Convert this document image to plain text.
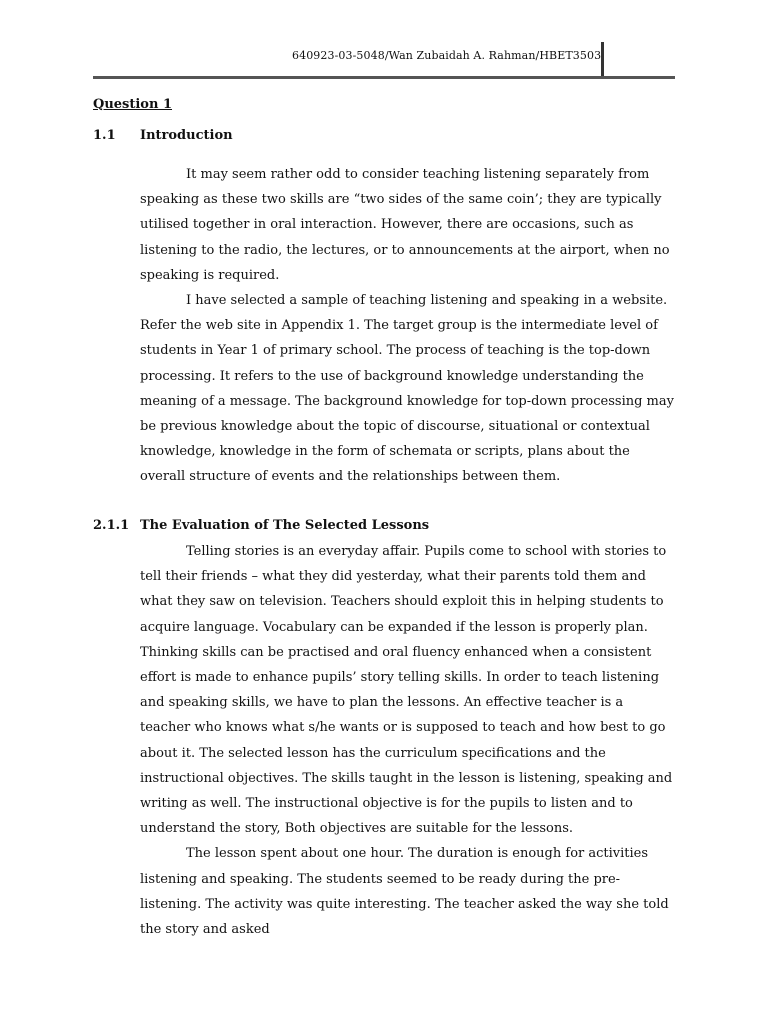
640923-03-5048/Wan Zubaidah A. Rahman/HBET3503
Question 1
1.1 Introduction

It may seem rather odd to consider teaching listening separately from speaking as these two skills are “two sides of the same coin’; they are typically utilised together in oral interaction. However, there are occasions, such as listening to the radio, the lectures, or to announcements at the airport, when no speaking is required.

I have selected a sample of teaching listening and speaking in a website. Refer the web site in Appendix 1. The target group is the intermediate level of students in Year 1 of primary school. The process of teaching is the top-down processing. It refers to the use of background knowledge understanding the meaning of a message. The background knowledge for top-down processing may be previous knowledge about the topic of discourse, situational or contextual knowledge, knowledge in the form of schemata or scripts, plans about the overall structure of events and the relationships between them.

2.1.1 The Evaluation of The Selected Lessons

Telling stories is an everyday affair. Pupils come to school with stories to tell their friends – what they did yesterday, what their parents told them and what they saw on television. Teachers should exploit this in helping students to acquire language. Vocabulary can be expanded if the lesson is properly plan. Thinking skills can be practised and oral fluency enhanced when a consistent effort is made to enhance pupils’ story telling skills. In order to teach listening and speaking skills, we have to plan the lessons. An effective teacher is a teacher who knows what s/he wants or is supposed to teach and how best to go about it. The selected lesson has the curriculum specifications and the instructional objectives. The skills taught in the lesson is listening, speaking and writing as well. The instructional objective is for the pupils to listen and to understand the story, Both objectives are suitable for the lessons.

The lesson spent about one hour. The duration is enough for activities listening and speaking. The students seemed to be ready during the pre-listening. The activity was quite interesting. The teacher asked the way she told the story and asked
